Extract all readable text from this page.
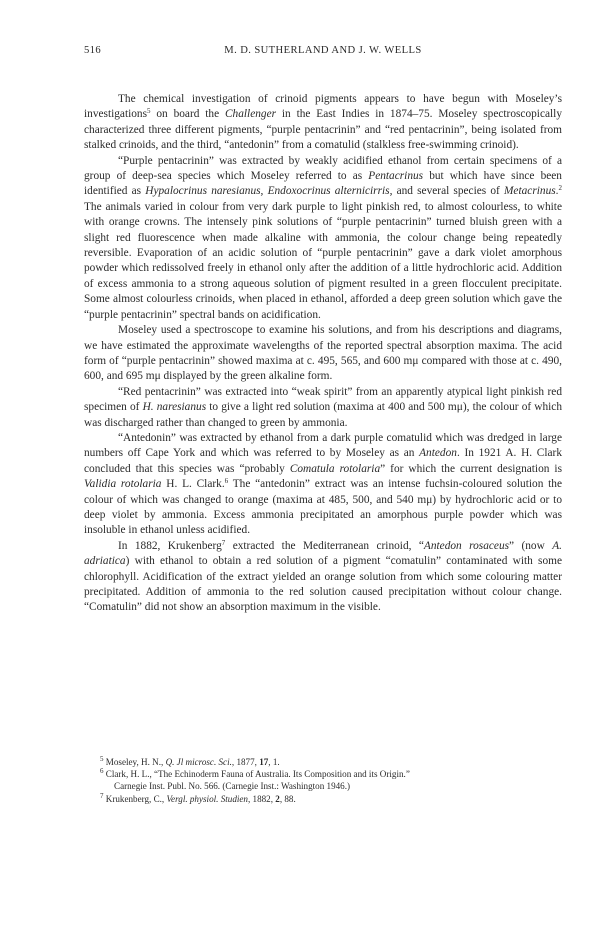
516	M. D. SUTHERLAND AND J. W. WELLS

The chemical investigation of crinoid pigments appears to have begun with Moseley’s investigations$^5$ on board the Challenger in the East Indies in 1874–75. Moseley spectroscopically characterized three different pigments, “purple pentacrinin” and “red pentacrinin”, being isolated from stalked crinoids, and the third, “antedonin” from a comatulid (stalkless free-swimming crinoid).

“Purple pentacrinin” was extracted by weakly acidified ethanol from certain specimens of a group of deep-sea species which Moseley referred to as Pentacrinus but which have since been identified as Hypalocrinus naresianus, Endoxocrinus alternicirris, and several species of Metacrinus.$^2$ The animals varied in colour from very dark purple to light pinkish red, to almost colourless, to white with orange crowns. The intensely pink solutions of “purple pentacrinin” turned bluish green with a slight red fluorescence when made alkaline with ammonia, the colour change being repeatedly reversible. Evaporation of an acidic solution of “purple pentacrinin” gave a dark violet amorphous powder which redissolved freely in ethanol only after the addition of a little hydrochloric acid. Addition of excess ammonia to a strong aqueous solution of pigment resulted in a green flocculent precipitate. Some almost colourless crinoids, when placed in ethanol, afforded a deep green solution which gave the “purple pentacrinin” spectral bands on acidification.

Moseley used a spectroscope to examine his solutions, and from his descriptions and diagrams, we have estimated the approximate wavelengths of the reported spectral absorption maxima. The acid form of “purple pentacrinin” showed maxima at c. 495, 565, and 600 mμ compared with those at c. 490, 600, and 695 mμ displayed by the green alkaline form.

“Red pentacrinin” was extracted into “weak spirit” from an apparently atypical light pinkish red specimen of H. naresianus to give a light red solution (maxima at 400 and 500 mμ), the colour of which was discharged rather than changed to green by ammonia.

“Antedonin” was extracted by ethanol from a dark purple comatulid which was dredged in large numbers off Cape York and which was referred to by Moseley as an Antedon. In 1921 A. H. Clark concluded that this species was “probably Comatula rotolaria” for which the current designation is Validia rotolaria H. L. Clark.$^6$ The “antedonin” extract was an intense fuchsin-coloured solution the colour of which was changed to orange (maxima at 485, 500, and 540 mμ) by hydrochloric acid or to deep violet by ammonia. Excess ammonia precipitated an amorphous purple powder which was insoluble in ethanol unless acidified.

In 1882, Krukenberg$^7$ extracted the Mediterranean crinoid, “Antedon rosaceus” (now A. adriatica) with ethanol to obtain a red solution of a pigment “comatulin” contaminated with some chlorophyll. Acidification of the extract yielded an orange solution from which some colouring matter precipitated. Addition of ammonia to the red solution caused precipitation without colour change. “Comatulin” did not show an absorption maximum in the visible.

$^5$ Moseley, H. N., Q. Jl microsc. Sci., 1877, 17, 1.

$^6$ Clark, H. L., “The Echinoderm Fauna of Australia. Its Composition and its Origin.”

Carnegie Inst. Publ. No. 566. (Carnegie Inst.: Washington 1946.)

$^7$ Krukenberg, C., Vergl. physiol. Studien, 1882, 2, 88.
